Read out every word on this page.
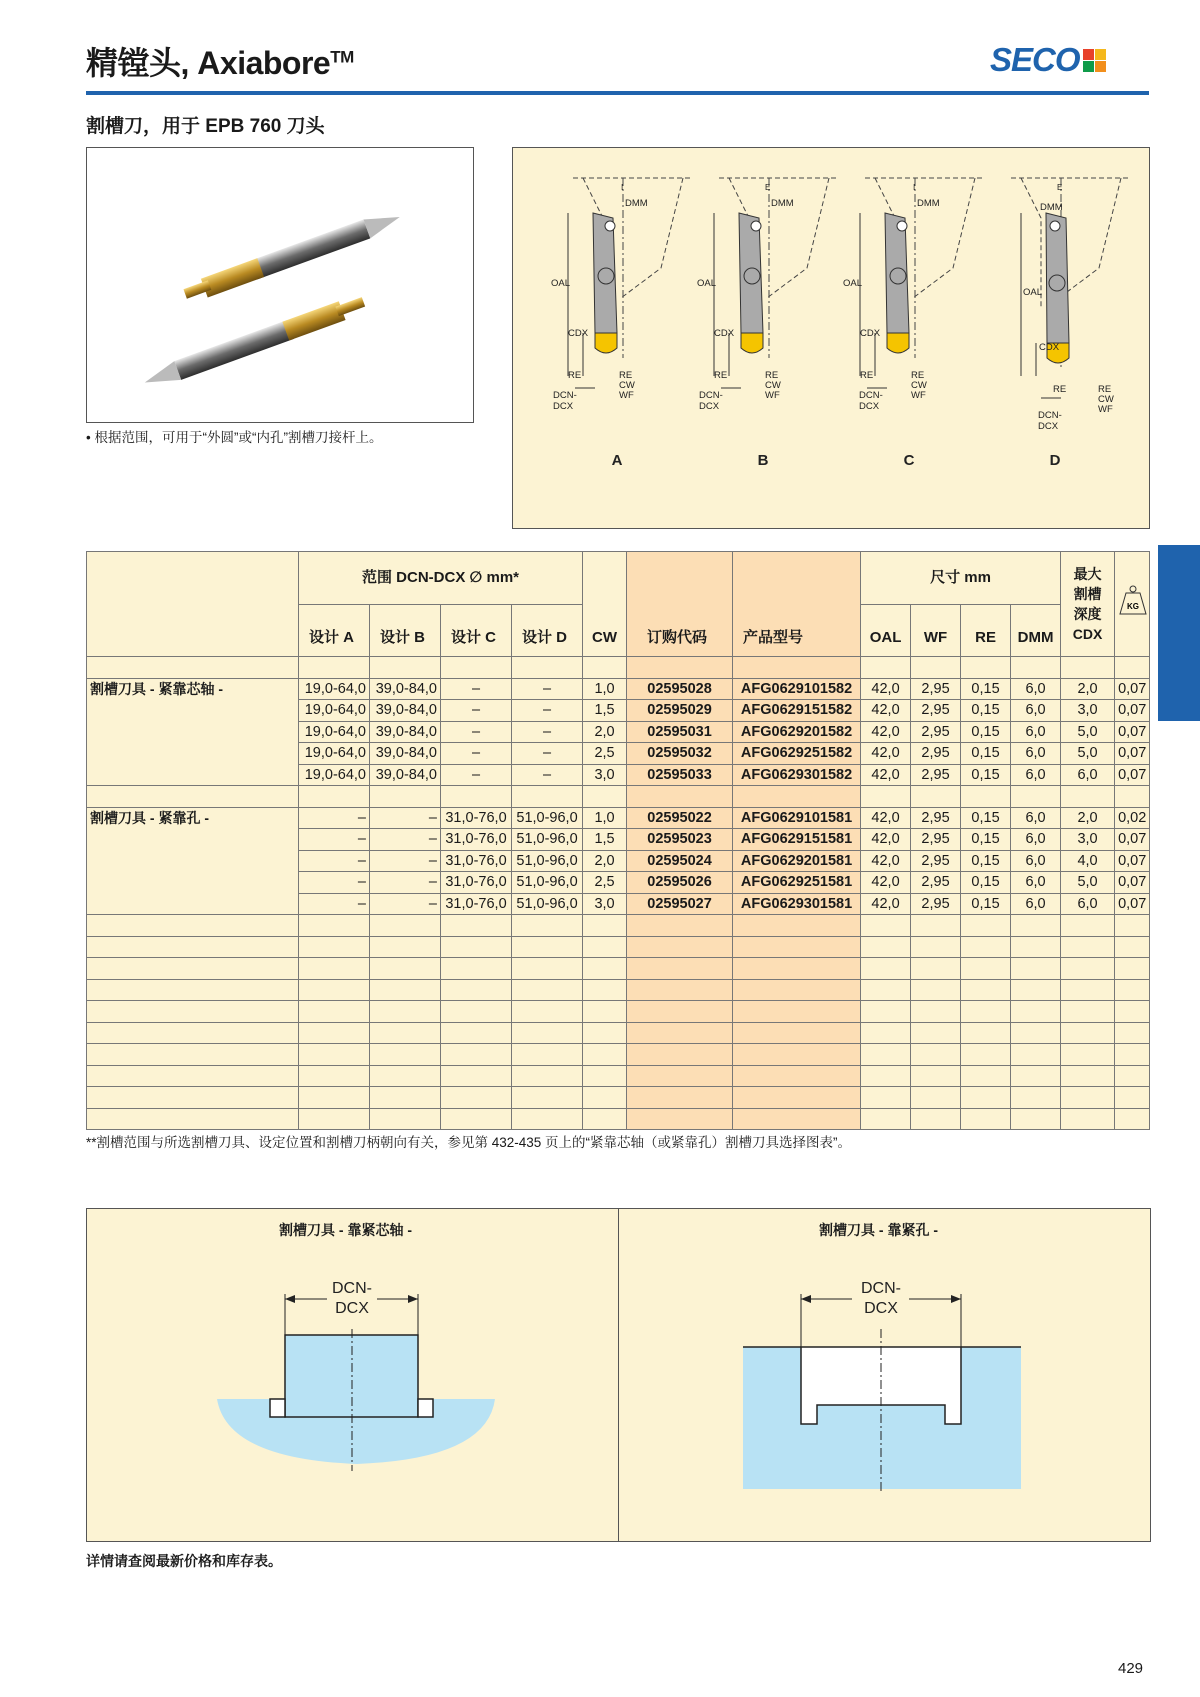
精镗头, Axiabore™	SECO
割槽刀，用于 EPB 760 刀头
• 根据范围，可用于“外圆”或“内孔”割槽刀接杆上。
DMM	DMM	DMM	DMM
OAL	OAL	OAL
OAL
CDX	CDX	CDX
CDX
RE	RE
CW
WF
RE	RE
CW
WF
RE	RE
CW
WF
RE	RE
CW
WF
DCN-
DCX
DCN-
DCX
DCN-
DCX
DCN-
DCX
I	E	I	E
A	B	C	D
	范围 DCN-DCX ∅ mm*				CW	订购代码	产品型号	尺寸 mm				最大
割槽
深度
CDX	KG

	设计 A	设计 B	设计 C	设计 D				OAL	WF	RE	DMM		

割槽刀具 - 紧靠芯轴 -	19,0-64,0	39,0-84,0	–	–	1,0	02595028	AFG0629101582	42,0	2,95	0,15	6,0	2,0	0,07
	19,0-64,0	39,0-84,0	–	–	1,5	02595029	AFG0629151582	42,0	2,95	0,15	6,0	3,0	0,07
	19,0-64,0	39,0-84,0	–	–	2,0	02595031	AFG0629201582	42,0	2,95	0,15	6,0	5,0	0,07
	19,0-64,0	39,0-84,0	–	–	2,5	02595032	AFG0629251582	42,0	2,95	0,15	6,0	5,0	0,07
	19,0-64,0	39,0-84,0	–	–	3,0	02595033	AFG0629301582	42,0	2,95	0,15	6,0	6,0	0,07

割槽刀具 - 紧靠孔 -	–	–	31,0-76,0	51,0-96,0	1,0	02595022	AFG0629101581	42,0	2,95	0,15	6,0	2,0	0,02
	–	–	31,0-76,0	51,0-96,0	1,5	02595023	AFG0629151581	42,0	2,95	0,15	6,0	3,0	0,07
	–	–	31,0-76,0	51,0-96,0	2,0	02595024	AFG0629201581	42,0	2,95	0,15	6,0	4,0	0,07
	–	–	31,0-76,0	51,0-96,0	2,5	02595026	AFG0629251581	42,0	2,95	0,15	6,0	5,0	0,07
	–	–	31,0-76,0	51,0-96,0	3,0	02595027	AFG0629301581	42,0	2,95	0,15	6,0	6,0	0,07

**割槽范围与所选割槽刀具、设定位置和割槽刀柄朝向有关，参见第 432-435 页上的“紧靠芯轴（或紧靠孔）割槽刀具选择图表”。
割槽刀具 - 靠紧芯轴 -	割槽刀具 - 靠紧孔 -
DCN-
DCX
DCN-
DCX
详情请查阅最新价格和库存表。
429
